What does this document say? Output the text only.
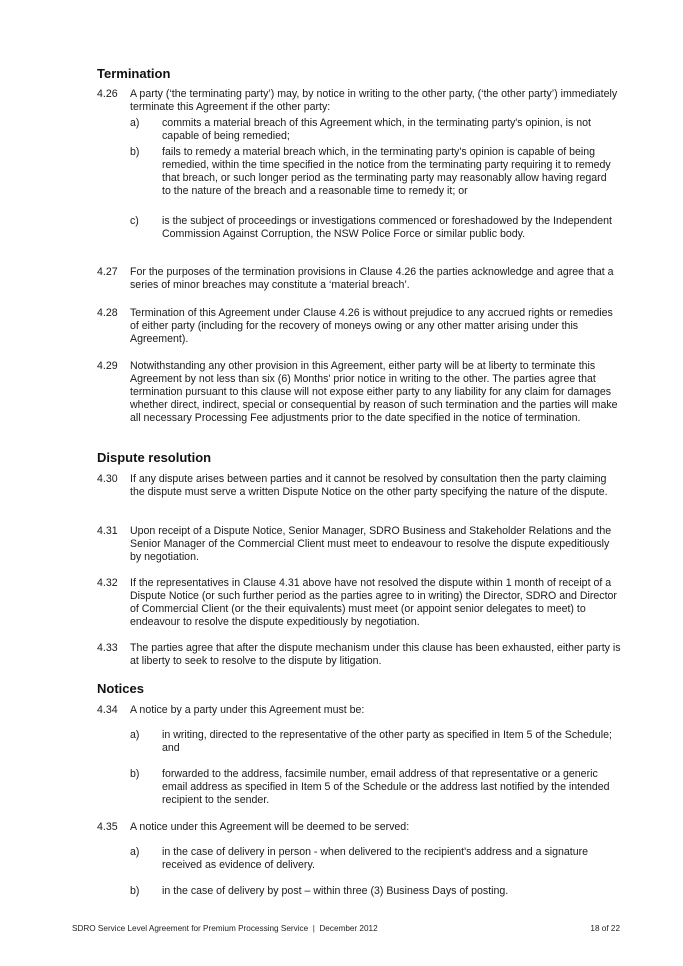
Termination
4.26 A party (‘the terminating party’) may, by notice in writing to the other party, (‘the other party’) immediately terminate this Agreement if the other party:
a) commits a material breach of this Agreement which, in the terminating party's opinion, is not capable of being remedied;
b) fails to remedy a material breach which, in the terminating party's opinion is capable of being remedied, within the time specified in the notice from the terminating party requiring it to remedy that breach, or such longer period as the terminating party may reasonably allow having regard to the nature of the breach and a reasonable time to remedy it; or
c) is the subject of proceedings or investigations commenced or foreshadowed by the Independent Commission Against Corruption, the NSW Police Force or similar public body.
4.27 For the purposes of the termination provisions in Clause 4.26 the parties acknowledge and agree that a series of minor breaches may constitute a ‘material breach’.
4.28 Termination of this Agreement under Clause 4.26 is without prejudice to any accrued rights or remedies of either party (including for the recovery of moneys owing or any other matter arising under this Agreement).
4.29 Notwithstanding any other provision in this Agreement, either party will be at liberty to terminate this Agreement by not less than six (6) Months' prior notice in writing to the other. The parties agree that termination pursuant to this clause will not expose either party to any liability for any claim for damages whether direct, indirect, special or consequential by reason of such termination and the parties will make all necessary Processing Fee adjustments prior to the date specified in the notice of termination.
Dispute resolution
4.30 If any dispute arises between parties and it cannot be resolved by consultation then the party claiming the dispute must serve a written Dispute Notice on the other party specifying the nature of the dispute.
4.31 Upon receipt of a Dispute Notice, Senior Manager, SDRO Business and Stakeholder Relations and the Senior Manager of the Commercial Client must meet to endeavour to resolve the dispute expeditiously by negotiation.
4.32 If the representatives in Clause 4.31 above have not resolved the dispute within 1 month of receipt of a Dispute Notice (or such further period as the parties agree to in writing) the Director, SDRO and Director of Commercial Client (or the their equivalents) must meet (or appoint senior delegates to meet) to endeavour to resolve the dispute expeditiously by negotiation.
4.33 The parties agree that after the dispute mechanism under this clause has been exhausted, either party is at liberty to seek to resolve to the dispute by litigation.
Notices
4.34 A notice by a party under this Agreement must be:
a) in writing, directed to the representative of the other party as specified in Item 5 of the Schedule; and
b) forwarded to the address, facsimile number, email address of that representative or a generic email address as specified in Item 5 of the Schedule or the address last notified by the intended recipient to the sender.
4.35 A notice under this Agreement will be deemed to be served:
a) in the case of delivery in person - when delivered to the recipient's address and a signature received as evidence of delivery.
b) in the case of delivery by post – within three (3) Business Days of posting.
SDRO Service Level Agreement for Premium Processing Service  |  December 2012	18 of 22
